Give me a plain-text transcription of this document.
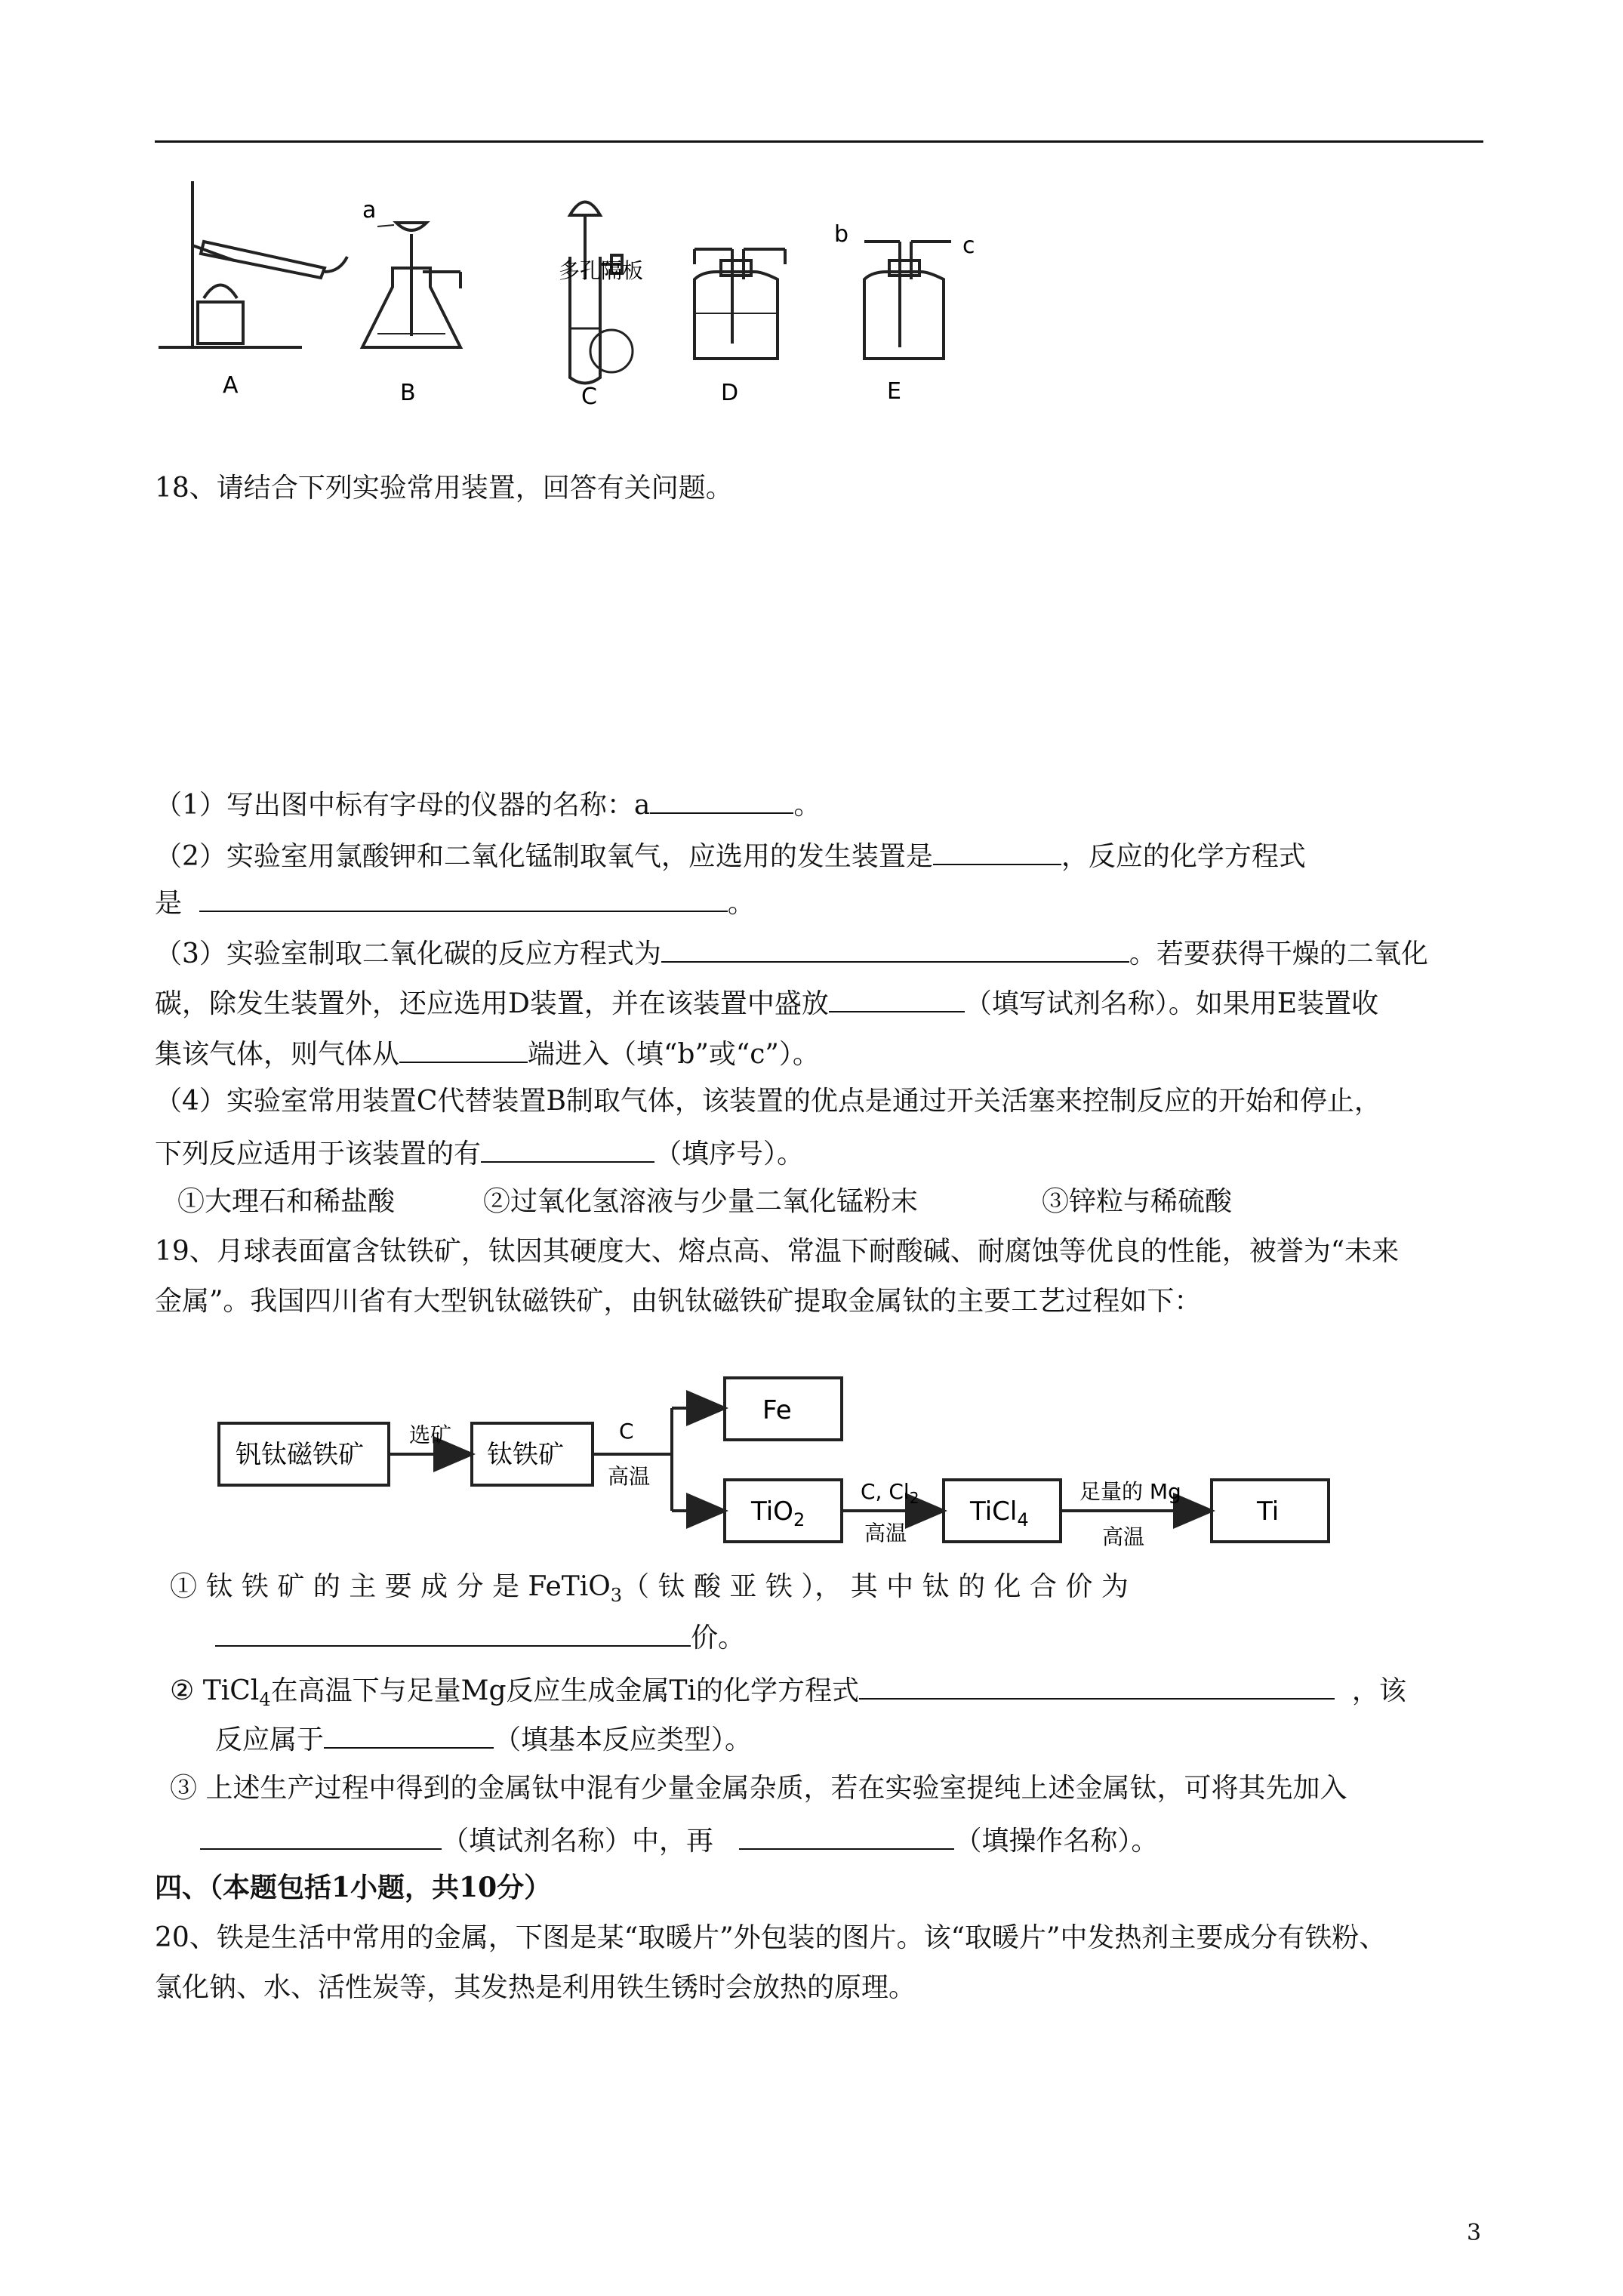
a
b	c
多孔隔板
A	B	C	D	E
18、请结合下列实验常用装置，回答有关问题。
（1）写出图中标有字母的仪器的名称：a	。
（2）实验室用氯酸钾和二氧化锰制取氧气，应选用的发生装置是	，反应的化学方程式
是	。
（3）实验室制取二氧化碳的反应方程式为	。若要获得干燥的二氧化
碳，除发生装置外，还应选用D装置，并在该装置中盛放	（填写试剂名称）。如果用E装置收
集该气体，则气体从	端进入（填“b”或“c”）。
（4）实验室常用装置C代替装置B制取气体，该装置的优点是通过开关活塞来控制反应的开始和停止，
下列反应适用于该装置的有	（填序号）。
①大理石和稀盐酸	②过氧化氢溶液与少量二氧化锰粉末	③锌粒与稀硫酸
19、月球表面富含钛铁矿，钛因其硬度大、熔点高、常温下耐酸碱、耐腐蚀等优良的性能，被誉为“未来
金属”。我国四川省有大型钒钛磁铁矿，由钒钛磁铁矿提取金属钛的主要工艺过程如下：
钒钛磁铁矿	钛铁矿
Fe
TiO$_2$	TiCl$_4$	Ti
选矿	C
高温
C, $Cl_2$
高温
足量的 Mg
高温
① 钛 铁 矿 的 主 要 成 分 是 FeTiO$_3$（ 钛 酸 亚 铁 ）， 其 中 钛 的 化 合 价 为
价。
② TiCl$_4$在高温下与足量Mg反应生成金属Ti的化学方程式	，该
反应属于	（填基本反应类型）。
③ 上述生产过程中得到的金属钛中混有少量金属杂质，若在实验室提纯上述金属钛，可将其先加入
（填试剂名称）中，再	（填操作名称）。
四、（本题包括1小题，共10分）
20、铁是生活中常用的金属，下图是某“取暖片”外包装的图片。该“取暖片”中发热剂主要成分有铁粉、
氯化钠、水、活性炭等，其发热是利用铁生锈时会放热的原理。
3
